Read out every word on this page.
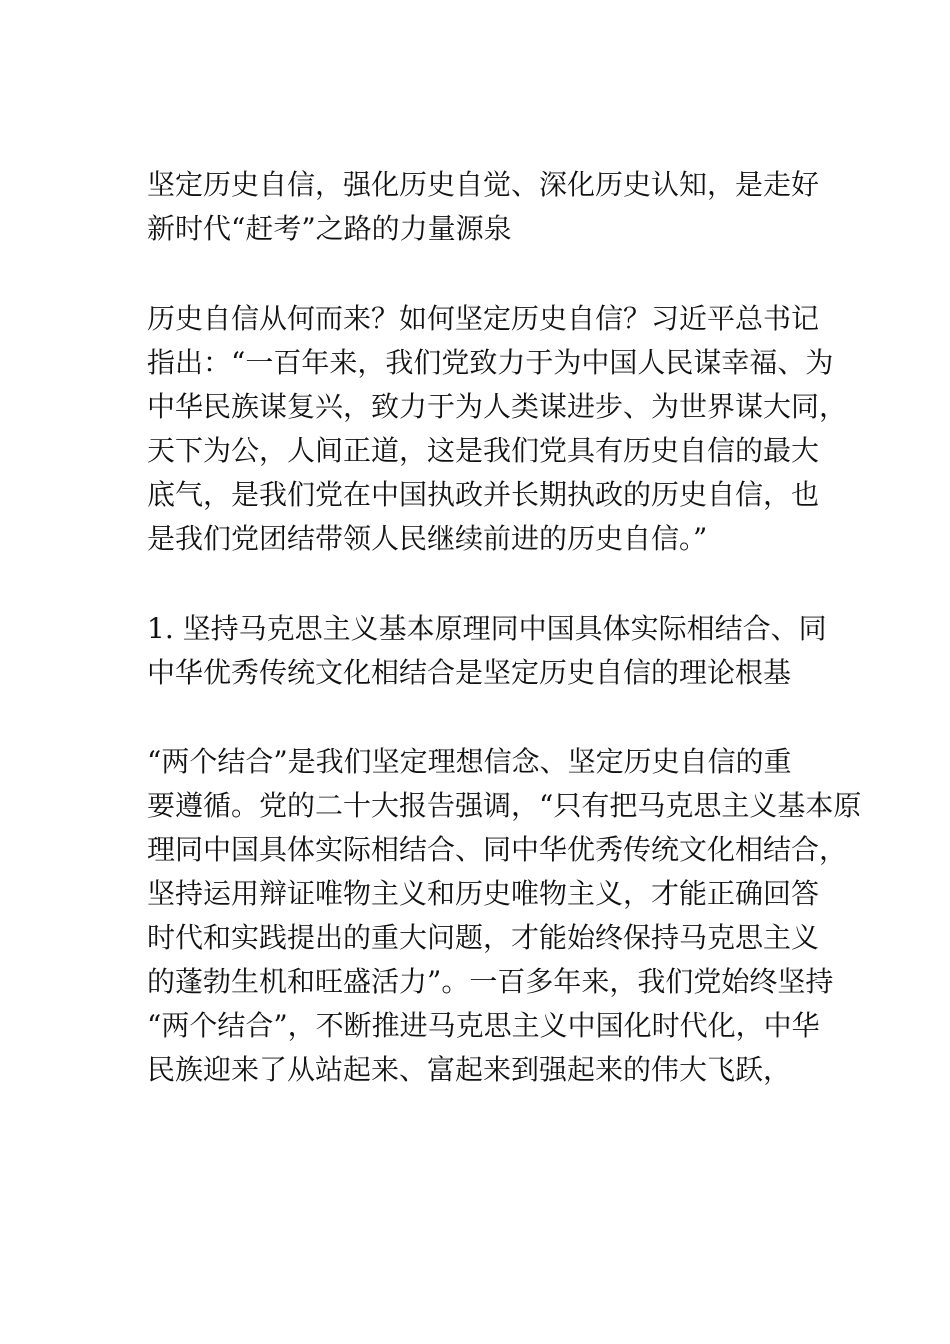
坚定历史自信，强化历史自觉、深化历史认知，是走好
新时代“赶考”之路的力量源泉

历史自信从何而来？如何坚定历史自信？习近平总书记
指出：“一百年来，我们党致力于为中国人民谋幸福、为
中华民族谋复兴，致力于为人类谋进步、为世界谋大同，
天下为公，人间正道，这是我们党具有历史自信的最大
底气，是我们党在中国执政并长期执政的历史自信，也
是我们党团结带领人民继续前进的历史自信。”

1. 坚持马克思主义基本原理同中国具体实际相结合、同
中华优秀传统文化相结合是坚定历史自信的理论根基

“两个结合”是我们坚定理想信念、坚定历史自信的重
要遵循。党的二十大报告强调，“只有把马克思主义基本原
理同中国具体实际相结合、同中华优秀传统文化相结合，
坚持运用辩证唯物主义和历史唯物主义，才能正确回答
时代和实践提出的重大问题，才能始终保持马克思主义
的蓬勃生机和旺盛活力”。一百多年来，我们党始终坚持
“两个结合”，不断推进马克思主义中国化时代化，中华
民族迎来了从站起来、富起来到强起来的伟大飞跃，
